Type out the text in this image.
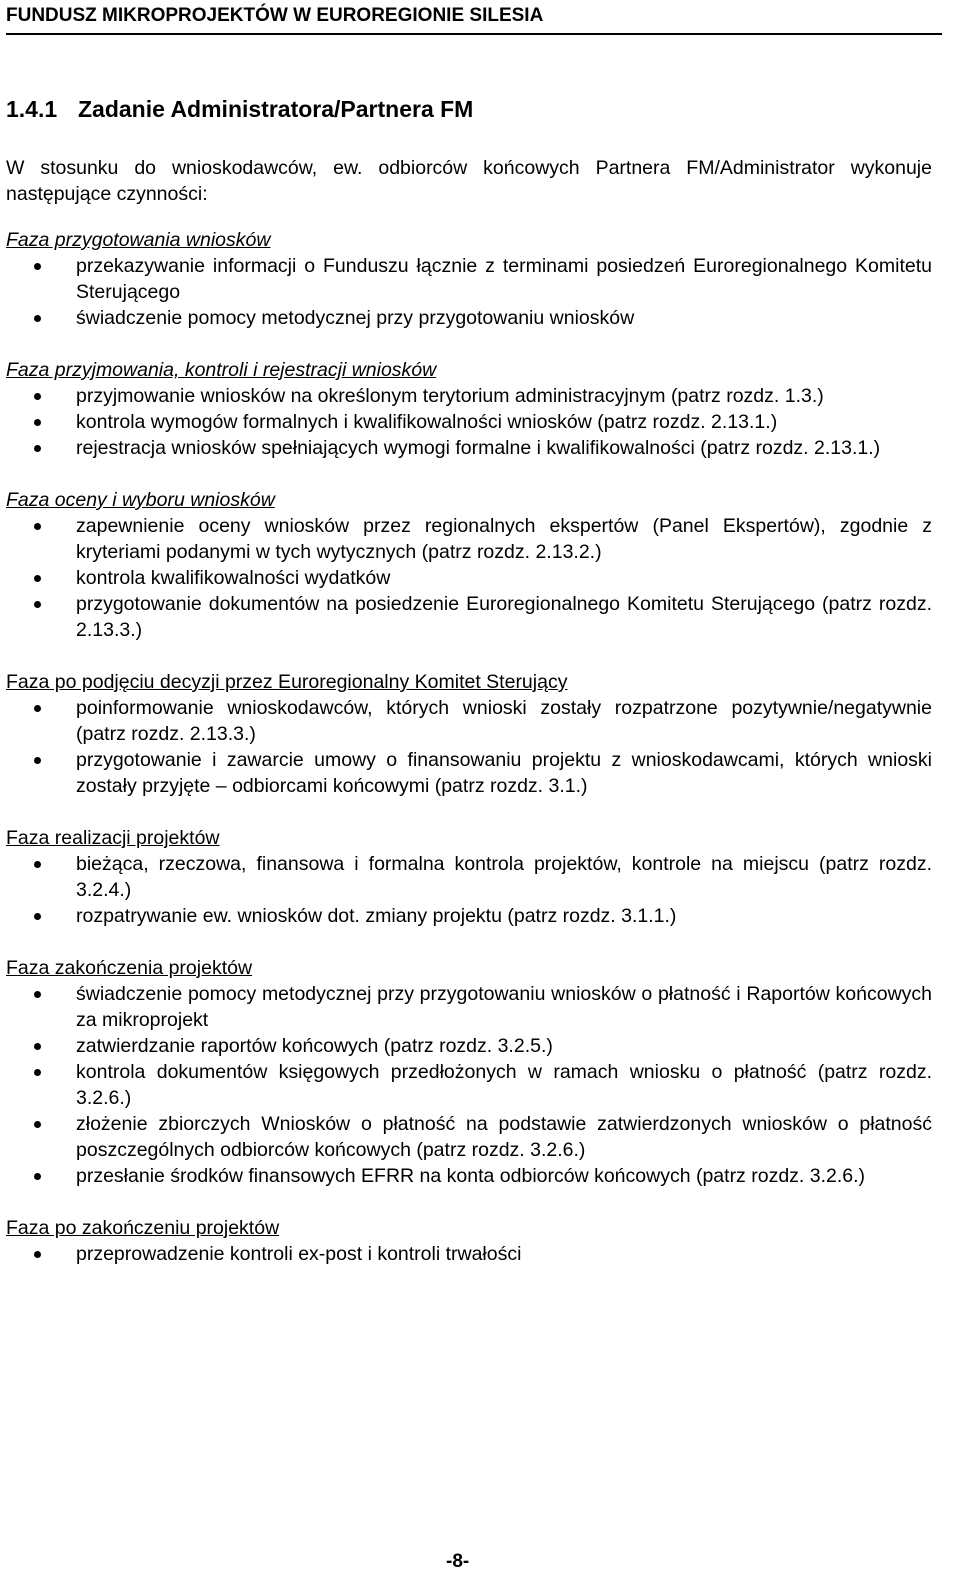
FUNDUSZ MIKROPROJEKTÓW W EUROREGIONIE SILESIA
1.4.1 Zadanie Administratora/Partnera FM

W stosunku do wnioskodawców, ew. odbiorców końcowych Partnera FM/Administrator wykonuje następujące czynności:

Faza przygotowania wniosków

przekazywanie informacji o Funduszu łącznie z terminami posiedzeń Euroregionalnego Komitetu Sterującego
świadczenie pomocy metodycznej przy przygotowaniu wniosków

Faza przyjmowania, kontroli i rejestracji wniosków

przyjmowanie wniosków na określonym terytorium administracyjnym (patrz rozdz. 1.3.)
kontrola wymogów formalnych i kwalifikowalności wniosków (patrz rozdz. 2.13.1.)
rejestracja wniosków spełniających wymogi formalne i kwalifikowalności (patrz rozdz. 2.13.1.)

Faza oceny i wyboru wniosków

zapewnienie oceny wniosków przez regionalnych ekspertów (Panel Ekspertów), zgodnie z kryteriami podanymi w tych wytycznych (patrz rozdz. 2.13.2.)
kontrola kwalifikowalności wydatków
przygotowanie dokumentów na posiedzenie Euroregionalnego Komitetu Sterującego (patrz rozdz. 2.13.3.)

Faza po podjęciu decyzji przez Euroregionalny Komitet Sterujący

poinformowanie wnioskodawców, których wnioski zostały rozpatrzone pozytywnie/negatywnie (patrz rozdz. 2.13.3.)
przygotowanie i zawarcie umowy o finansowaniu projektu z wnioskodawcami, których wnioski zostały przyjęte – odbiorcami końcowymi (patrz rozdz. 3.1.)

Faza realizacji projektów

bieżąca, rzeczowa, finansowa i formalna kontrola projektów, kontrole na miejscu (patrz rozdz. 3.2.4.)
rozpatrywanie ew. wniosków dot. zmiany projektu (patrz rozdz. 3.1.1.)

Faza zakończenia projektów

świadczenie pomocy metodycznej przy przygotowaniu wniosków o płatność i Raportów końcowych za mikroprojekt
zatwierdzanie raportów końcowych (patrz rozdz. 3.2.5.)
kontrola dokumentów księgowych przedłożonych w ramach wniosku o płatność (patrz rozdz. 3.2.6.)
złożenie zbiorczych Wniosków o płatność na podstawie zatwierdzonych wniosków o płatność poszczególnych odbiorców końcowych (patrz rozdz. 3.2.6.)
przesłanie środków finansowych EFRR na konta odbiorców końcowych (patrz rozdz. 3.2.6.)

Faza po zakończeniu projektów

przeprowadzenie kontroli ex-post i kontroli trwałości
-8-
